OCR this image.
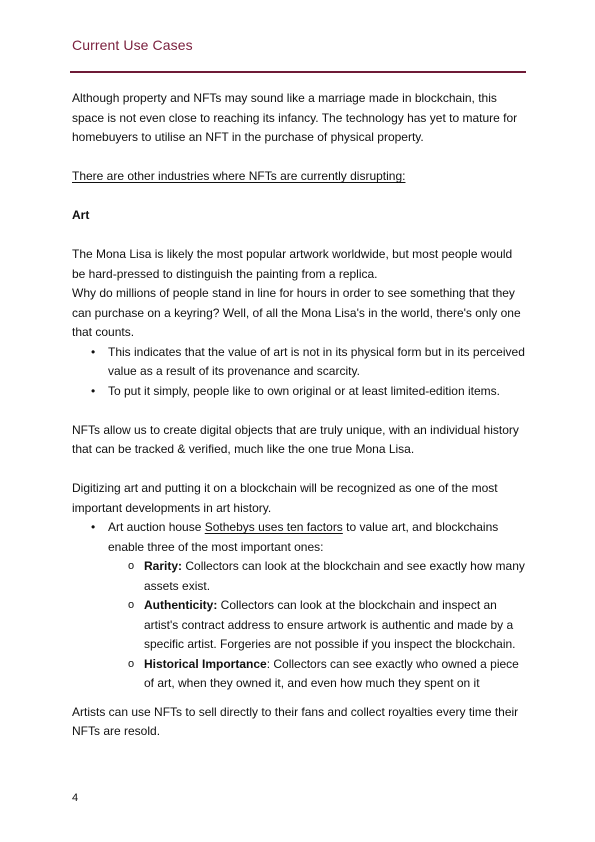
Current Use Cases

Although property and NFTs may sound like a marriage made in blockchain, this space is not even close to reaching its infancy. The technology has yet to mature for homebuyers to utilise an NFT in the purchase of physical property.

There are other industries where NFTs are currently disrupting:

Art

The Mona Lisa is likely the most popular artwork worldwide, but most people would be hard-pressed to distinguish the painting from a replica.

Why do millions of people stand in line for hours in order to see something that they can purchase on a keyring? Well, of all the Mona Lisa's in the world, there's only one that counts.

• This indicates that the value of art is not in its physical form but in its perceived value as a result of its provenance and scarcity.
• To put it simply, people like to own original or at least limited-edition items.

NFTs allow us to create digital objects that are truly unique, with an individual history that can be tracked & verified, much like the one true Mona Lisa.

Digitizing art and putting it on a blockchain will be recognized as one of the most important developments in art history.

• Art auction house Sothebys uses ten factors to value art, and blockchains enable three of the most important ones:
o Rarity: Collectors can look at the blockchain and see exactly how many assets exist.
o Authenticity: Collectors can look at the blockchain and inspect an artist's contract address to ensure artwork is authentic and made by a specific artist. Forgeries are not possible if you inspect the blockchain.
o Historical Importance: Collectors can see exactly who owned a piece of art, when they owned it, and even how much they spent on it

Artists can use NFTs to sell directly to their fans and collect royalties every time their NFTs are resold.

4
